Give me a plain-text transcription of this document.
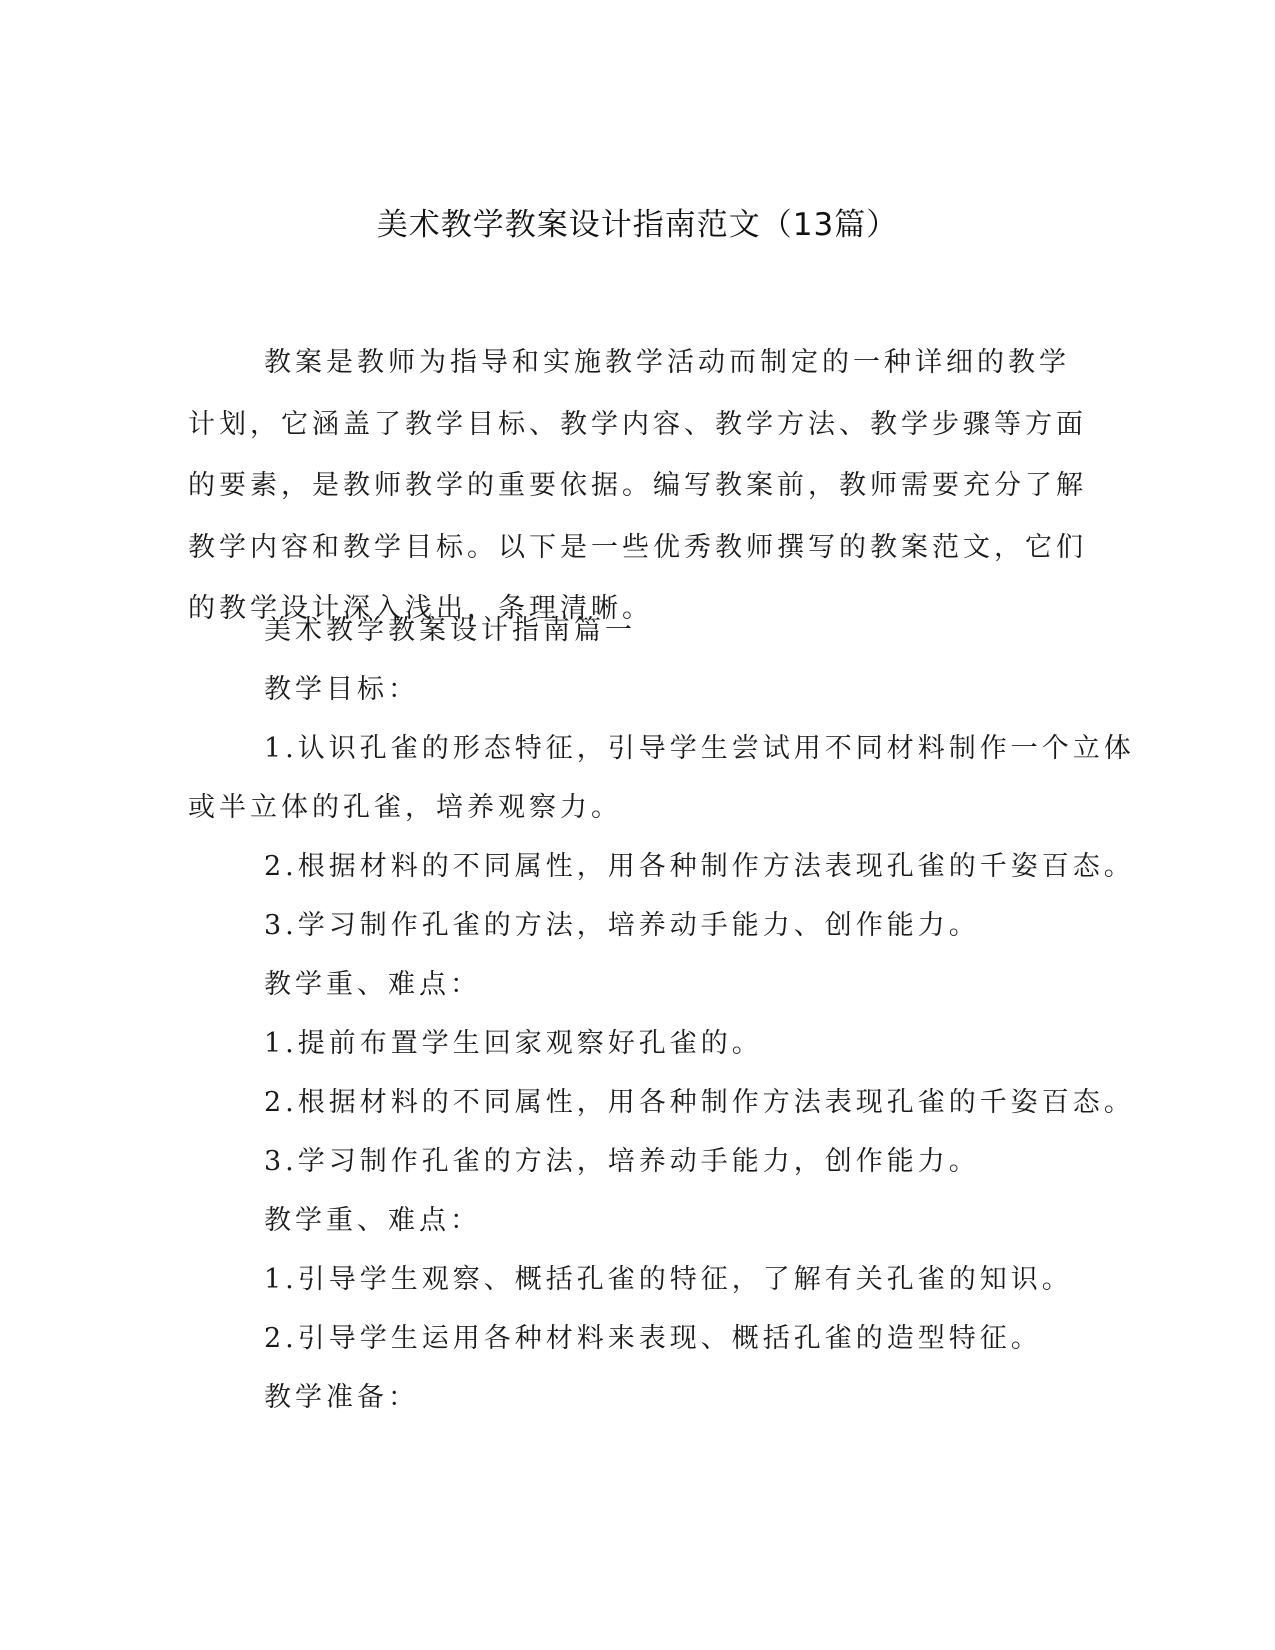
美术教学教案设计指南范文（13篇）

教案是教师为指导和实施教学活动而制定的一种详细的教学计划，它涵盖了教学目标、教学内容、教学方法、教学步骤等方面的要素，是教师教学的重要依据。编写教案前，教师需要充分了解教学内容和教学目标。以下是一些优秀教师撰写的教案范文，它们的教学设计深入浅出，条理清晰。

美术教学教案设计指南篇一

教学目标：

1.认识孔雀的形态特征，引导学生尝试用不同材料制作一个立体

或半立体的孔雀，培养观察力。

2.根据材料的不同属性，用各种制作方法表现孔雀的千姿百态。

3.学习制作孔雀的方法，培养动手能力、创作能力。

教学重、难点：

1.提前布置学生回家观察好孔雀的。

2.根据材料的不同属性，用各种制作方法表现孔雀的千姿百态。

3.学习制作孔雀的方法，培养动手能力，创作能力。

教学重、难点：

1.引导学生观察、概括孔雀的特征，了解有关孔雀的知识。

2.引导学生运用各种材料来表现、概括孔雀的造型特征。

教学准备：
